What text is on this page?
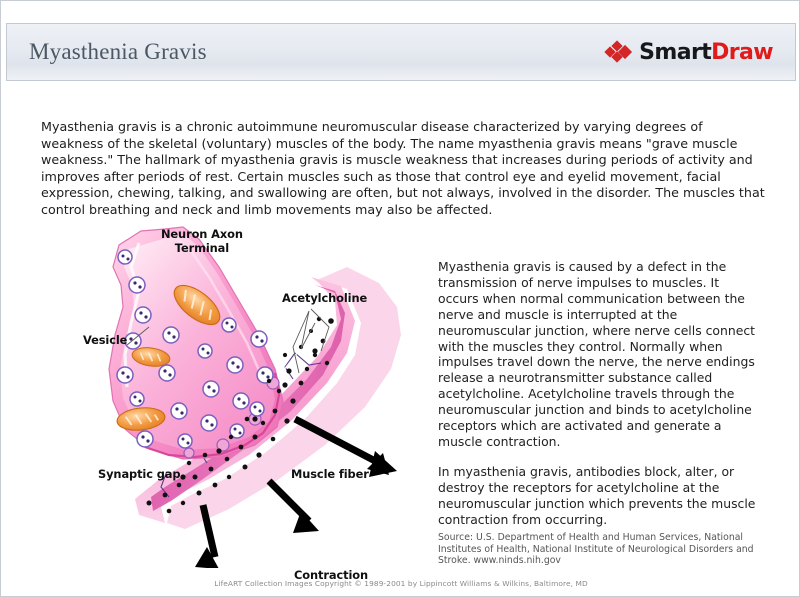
Myasthenia Gravis	SmartDraw
Myasthenia gravis is a chronic autoimmune neuromuscular disease characterized by varying degrees of weakness of the skeletal (voluntary) muscles of the body. The name myasthenia gravis means "grave muscle weakness." The hallmark of myasthenia gravis is muscle weakness that increases during periods of activity and improves after periods of rest. Certain muscles such as those that control eye and eyelid movement, facial expression, chewing, talking, and swallowing are often, but not always, involved in the disorder. The muscles that control breathing and neck and limb movements may also be affected.
Neuron Axon
Terminal
Acetylcholine
Vesicle
Synaptic gap	Muscle fiber
Contraction

Myasthenia gravis is caused by a defect in the transmission of nerve impulses to muscles. It occurs when normal communication between the nerve and muscle is interrupted at the neuromuscular junction, where nerve cells connect with the muscles they control. Normally when impulses travel down the nerve, the nerve endings release a neurotransmitter substance called acetylcholine. Acetylcholine travels through the neuromuscular junction and binds to acetylcholine receptors which are activated and generate a muscle contraction.

In myasthenia gravis, antibodies block, alter, or destroy the receptors for acetylcholine at the neuromuscular junction which prevents the muscle contraction from occurring.

Source: U.S. Department of Health and Human Services, National Institutes of Health, National Institute of Neurological Disorders and Stroke. www.ninds.nih.gov
LifeART Collection Images Copyright © 1989-2001 by Lippincott Williams & Wilkins, Baltimore, MD
